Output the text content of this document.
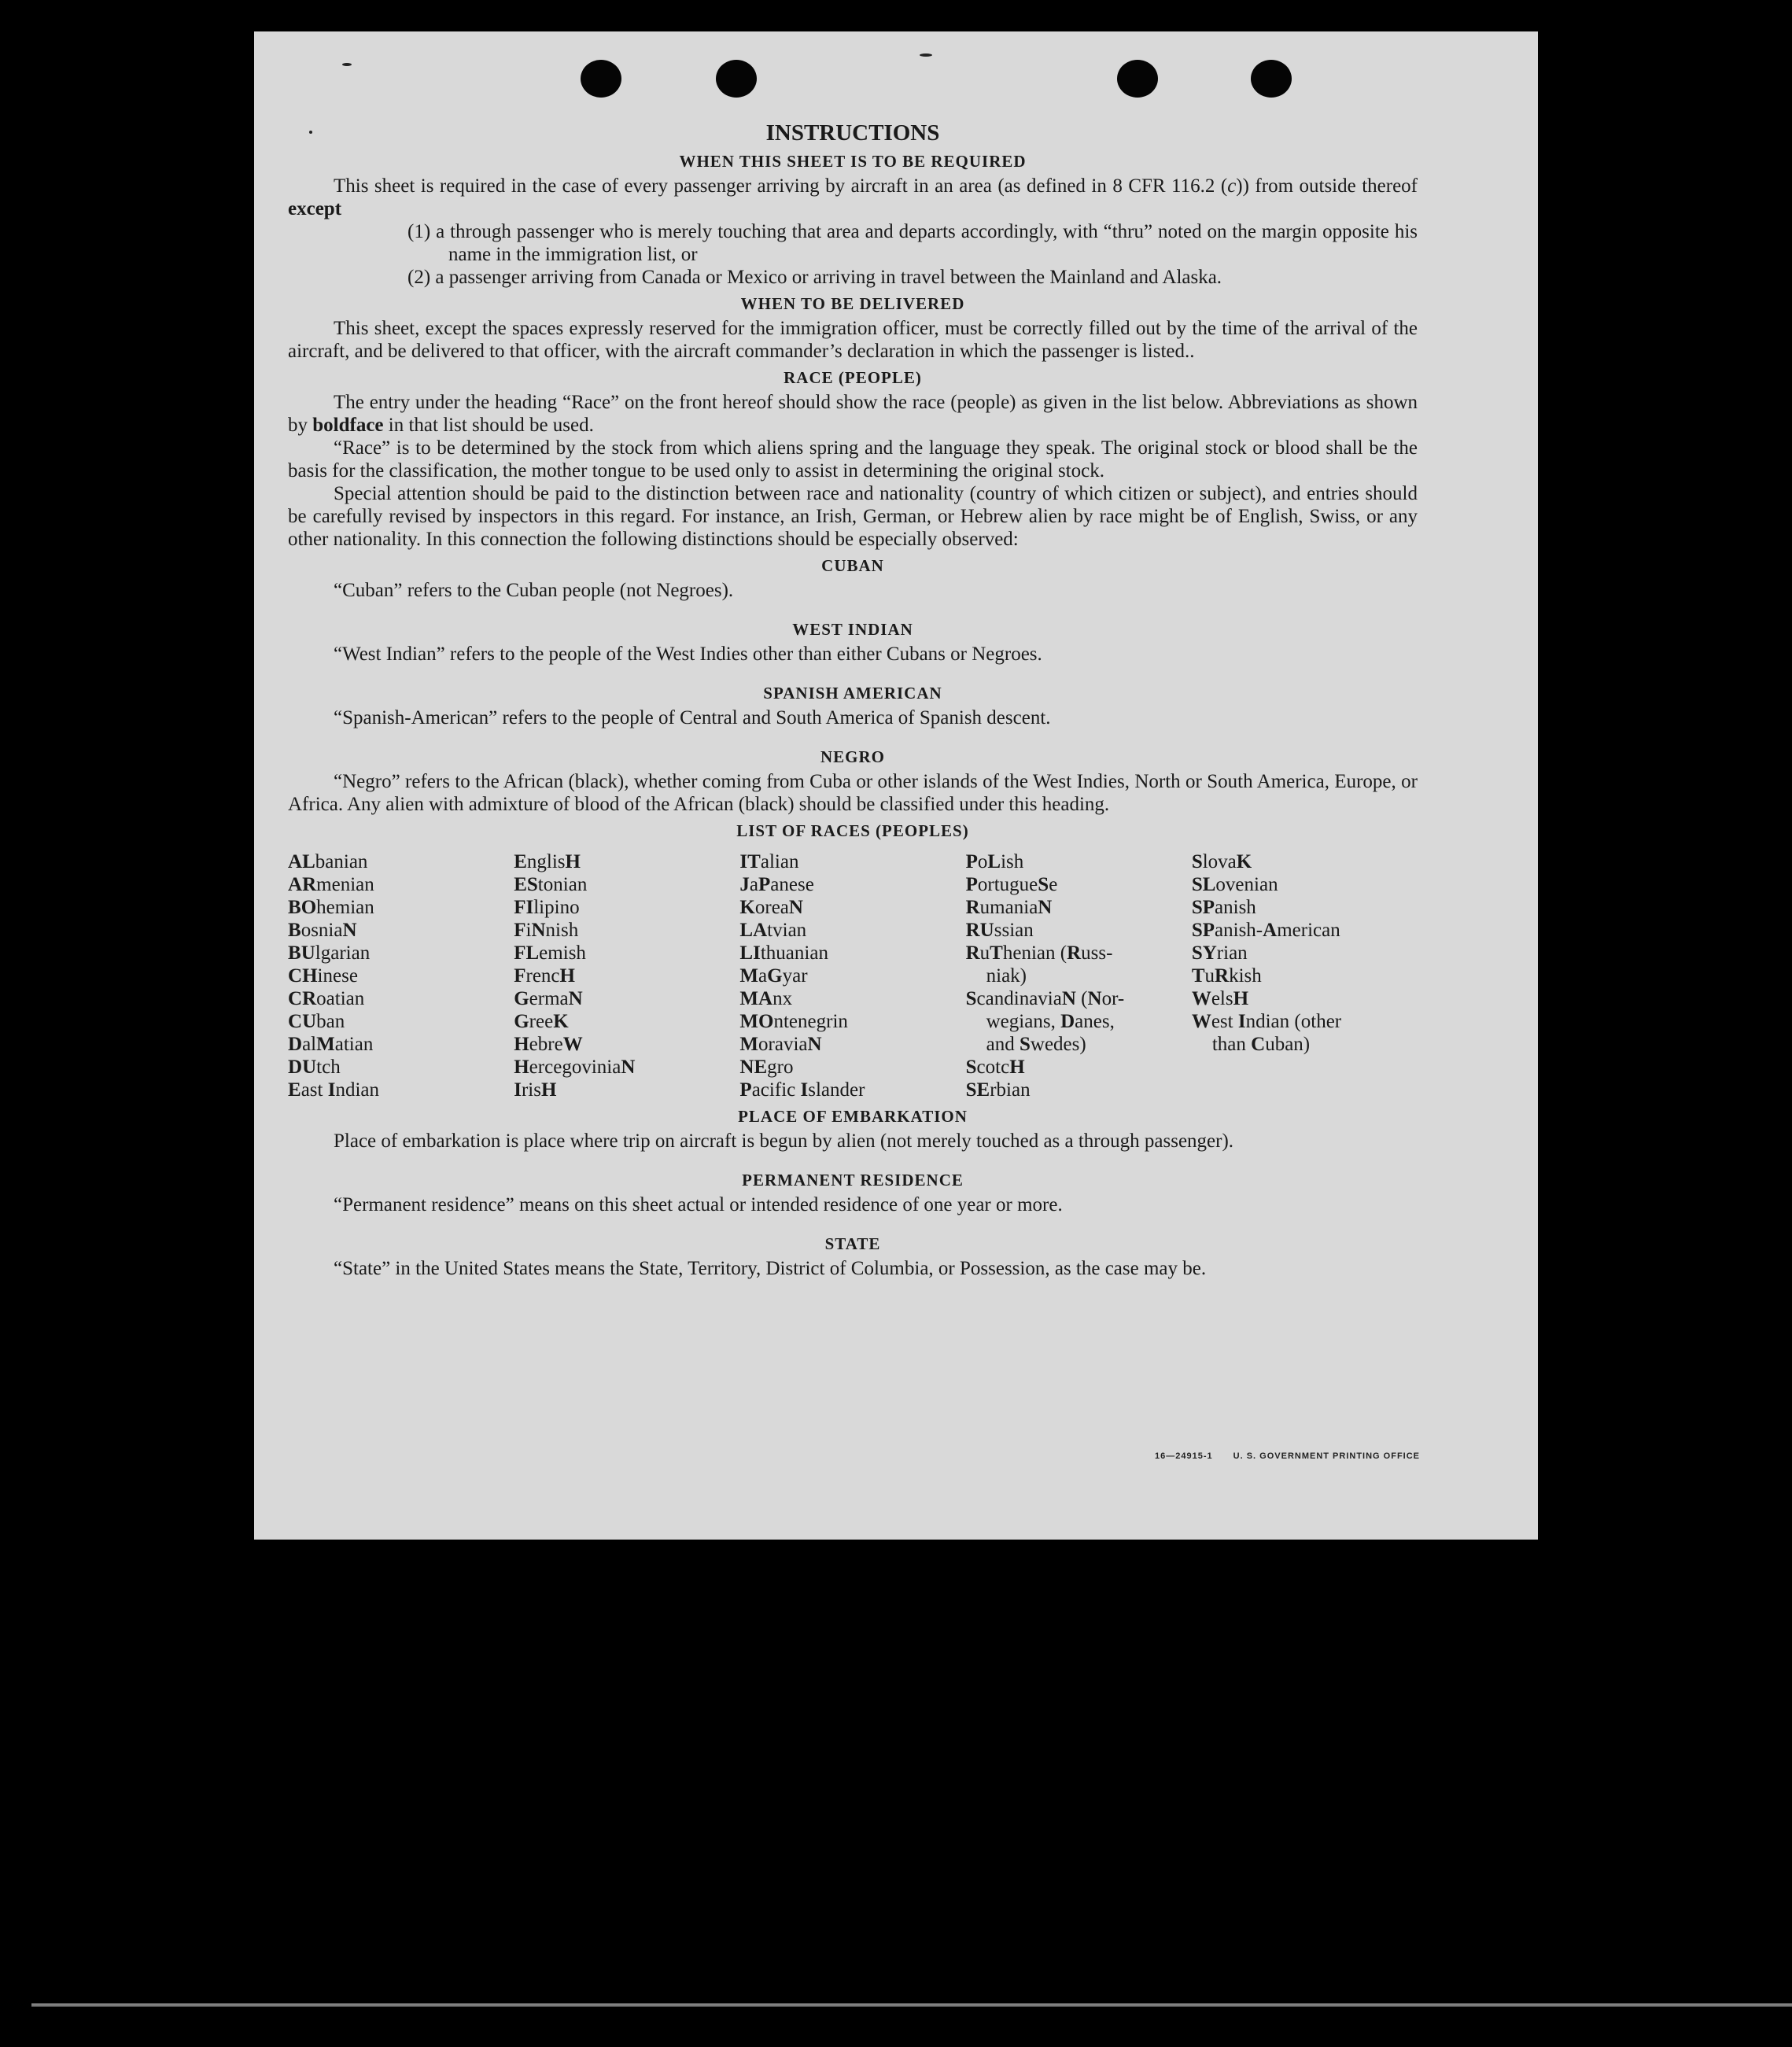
INSTRUCTIONS
WHEN THIS SHEET IS TO BE REQUIRED

This sheet is required in the case of every passenger arriving by aircraft in an area (as defined in 8 CFR 116.2 (c)) from outside thereof except

(1) a through passenger who is merely touching that area and departs accordingly, with “thru” noted on the margin opposite his name in the immigration list, or

(2) a passenger arriving from Canada or Mexico or arriving in travel between the Mainland and Alaska.

WHEN TO BE DELIVERED

This sheet, except the spaces expressly reserved for the immigration officer, must be correctly filled out by the time of the arrival of the aircraft, and be delivered to that officer, with the aircraft commander’s declaration in which the passenger is listed..

RACE (PEOPLE)

The entry under the heading “Race” on the front hereof should show the race (people) as given in the list below. Abbreviations as shown by boldface in that list should be used.

“Race” is to be determined by the stock from which aliens spring and the language they speak. The original stock or blood shall be the basis for the classification, the mother tongue to be used only to assist in determining the original stock.

Special attention should be paid to the distinction between race and nationality (country of which citizen or subject), and entries should be carefully revised by inspectors in this regard. For instance, an Irish, German, or Hebrew alien by race might be of English, Swiss, or any other nationality. In this connection the following distinctions should be especially observed:

CUBAN

“Cuban” refers to the Cuban people (not Negroes).

WEST INDIAN

“West Indian” refers to the people of the West Indies other than either Cubans or Negroes.

SPANISH AMERICAN

“Spanish-American” refers to the people of Central and South America of Spanish descent.

NEGRO

“Negro” refers to the African (black), whether coming from Cuba or other islands of the West Indies, North or South America, Europe, or Africa. Any alien with admixture of blood of the African (black) should be classified under this heading.

LIST OF RACES (PEOPLES)
ALbanian
ARmenian
BOhemian
BosniaN
BUlgarian
CHinese
CRoatian
CUban
DalMatian
DUtch
East Indian
EnglisH
EStonian
FIlipino
FiNnish
FLemish
FrencH
GermaN
GreeK
HebreW
HercegoviniaN
IrisH
ITalian
JaPanese
KoreaN
LAtvian
LIthuanian
MaGyar
MAnx
MOntenegrin
MoraviaN
NEgro
Pacific Islander
PoLish
PortugueSe
RumaniaN
RUssian
RuThenian (Russ-
niak)
ScandinaviaN (Nor-
wegians, Danes,
and Swedes)
ScotcH
SErbian
SlovaK
SLovenian
SPanish
SPanish-American
SYrian
TuRkish
WelsH
West Indian (other
than Cuban)
PLACE OF EMBARKATION

Place of embarkation is place where trip on aircraft is begun by alien (not merely touched as a through passenger).

PERMANENT RESIDENCE

“Permanent residence” means on this sheet actual or intended residence of one year or more.

STATE

“State” in the United States means the State, Territory, District of Columbia, or Possession, as the case may be.

16—24915-1 U. S. GOVERNMENT PRINTING OFFICE
